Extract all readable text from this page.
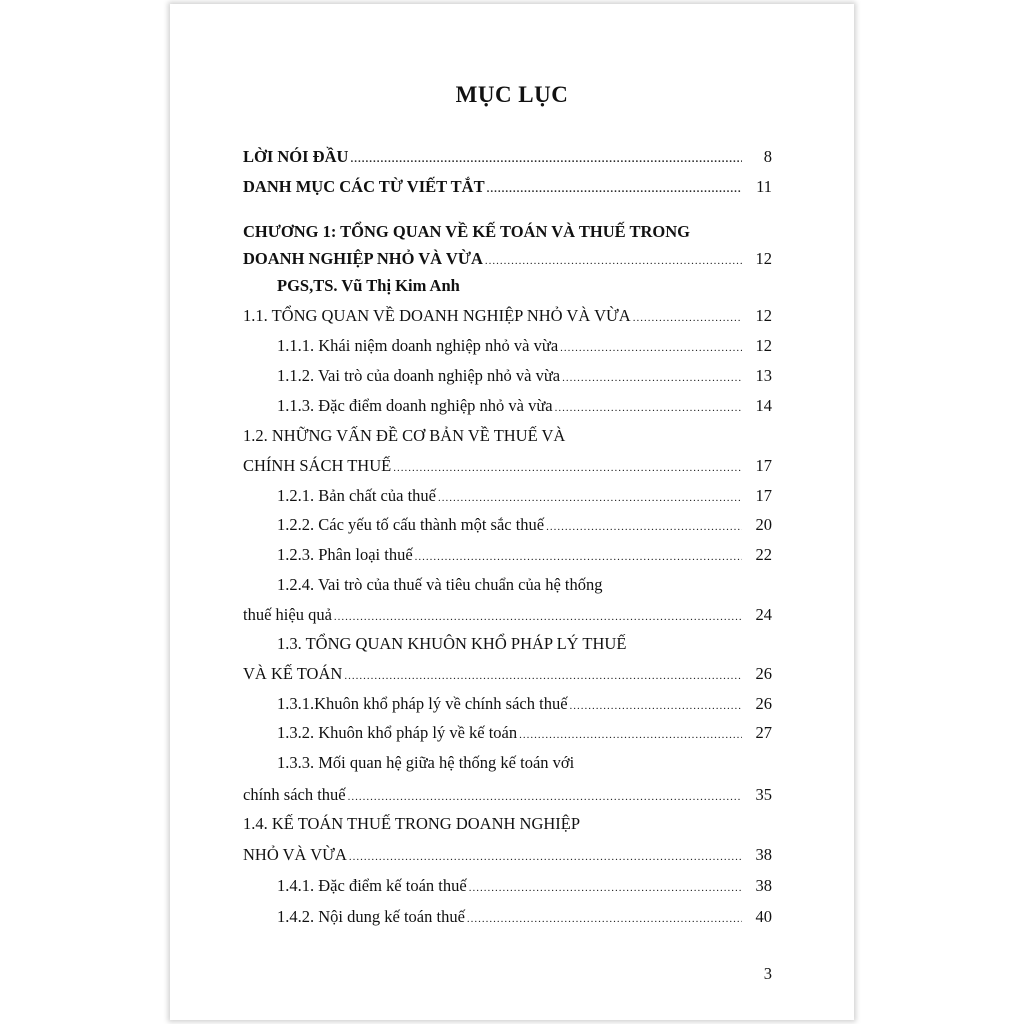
MỤC LỤC
LỜI NÓI ĐẦU .....	8
DANH MỤC CÁC TỪ VIẾT TẮT .....	11
CHƯƠNG 1: TỔNG QUAN VỀ KẾ TOÁN VÀ THUẾ TRONG
DOANH NGHIỆP NHỎ VÀ VỪA .....	12
PGS,TS. Vũ Thị Kim Anh
1.1. TỔNG QUAN VỀ DOANH NGHIỆP NHỎ VÀ VỪA .....	12
1.1.1. Khái niệm doanh nghiệp nhỏ và vừa .....	12
1.1.2. Vai trò của doanh nghiệp nhỏ và vừa .....	13
1.1.3. Đặc điểm doanh nghiệp nhỏ và vừa .....	14
1.2. NHỮNG VẤN ĐỀ CƠ BẢN VỀ THUẾ VÀ
CHÍNH SÁCH THUẾ .....	17
1.2.1. Bản chất của thuế .....	17
1.2.2. Các yếu tố cấu thành một sắc thuế .....	20
1.2.3. Phân loại thuế .....	22
1.2.4. Vai trò của thuế và tiêu chuẩn của hệ thống
thuế hiệu quả .....	24
1.3. TỔNG QUAN KHUÔN KHỔ PHÁP LÝ THUẾ
VÀ KẾ TOÁN .....	26
1.3.1.Khuôn khổ pháp lý về chính sách thuế .....	26
1.3.2. Khuôn khổ pháp lý về kế toán .....	27
1.3.3. Mối quan hệ giữa hệ thống kế toán với
chính sách thuế .....	35
1.4. KẾ TOÁN THUẾ TRONG DOANH NGHIỆP
NHỎ VÀ VỪA .....	38
1.4.1. Đặc điểm kế toán thuế .....	38
1.4.2. Nội dung kế toán thuế .....	40
3
